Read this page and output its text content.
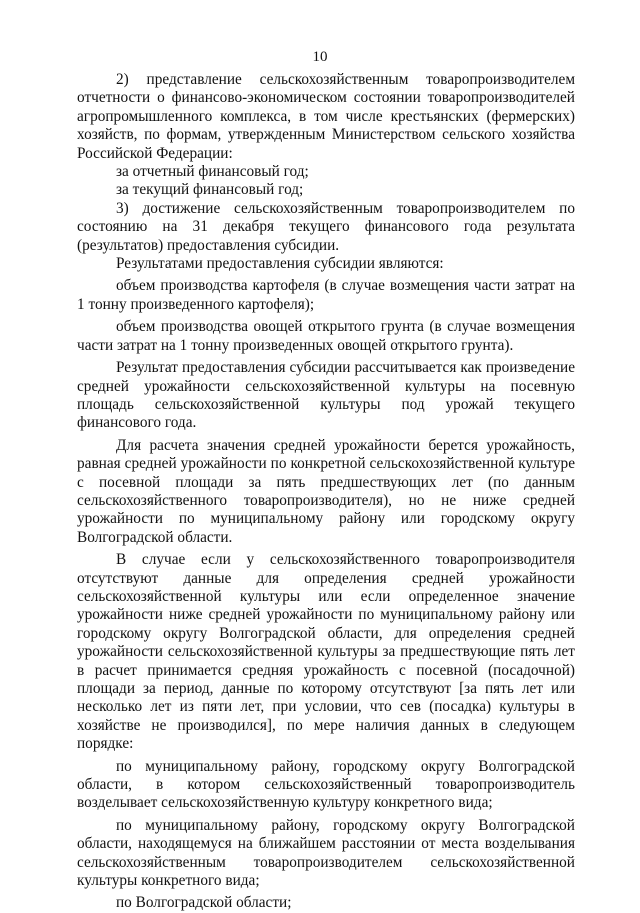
10

2) представление сельскохозяйственным товаропроизводителем отчетности о финансово-экономическом состоянии товаропроизводителей агропромышленного комплекса, в том числе крестьянских (фермерских) хозяйств, по формам, утвержденным Министерством сельского хозяйства Российской Федерации:

за отчетный финансовый год;

за текущий финансовый год;

3) достижение сельскохозяйственным товаропроизводителем по состоянию на 31 декабря текущего финансового года результата (результатов) предоставления субсидии.

Результатами предоставления субсидии являются:

объем производства картофеля (в случае возмещения части затрат на 1 тонну произведенного картофеля);

объем производства овощей открытого грунта (в случае возмещения части затрат на 1 тонну произведенных овощей открытого грунта).

Результат предоставления субсидии рассчитывается как произведение средней урожайности сельскохозяйственной культуры на посевную площадь сельскохозяйственной культуры под урожай текущего финансового года.

Для расчета значения средней урожайности берется урожайность, равная средней урожайности по конкретной сельскохозяйственной культуре с посевной площади за пять предшествующих лет (по данным сельскохозяйственного товаропроизводителя), но не ниже средней урожайности по муниципальному району или городскому округу Волгоградской области.

В случае если у сельскохозяйственного товаропроизводителя отсутствуют данные для определения средней урожайности сельскохозяйственной культуры или если определенное значение урожайности ниже средней урожайности по муниципальному району или городскому округу Волгоградской области, для определения средней урожайности сельскохозяйственной культуры за предшествующие пять лет в расчет принимается средняя урожайность с посевной (посадочной) площади за период, данные по которому отсутствуют [за пять лет или несколько лет из пяти лет, при условии, что сев (посадка) культуры в хозяйстве не производился], по мере наличия данных в следующем порядке:

по муниципальному району, городскому округу Волгоградской области, в котором сельскохозяйственный товаропроизводитель возделывает сельскохозяйственную культуру конкретного вида;

по муниципальному району, городскому округу Волгоградской области, находящемуся на ближайшем расстоянии от места возделывания сельскохозяйственным товаропроизводителем сельскохозяйственной культуры конкретного вида;

по Волгоградской области;
